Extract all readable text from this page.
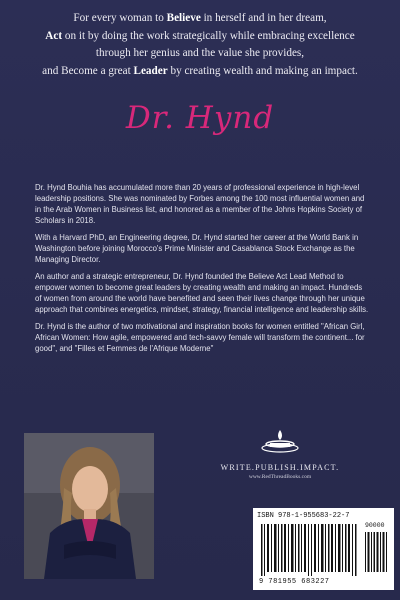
For every woman to Believe in herself and in her dream,
Act on it by doing the work strategically while embracing excellence
through her genius and the value she provides,
and Become a great Leader by creating wealth and making an impact.
Dr. Hynd

Dr. Hynd Bouhia has accumulated more than 20 years of professional experience in high-level leadership positions. She was nominated by Forbes among the 100 most influential women and in the Arab Women in Business list, and honored as a member of the Johns Hopkins Society of Scholars in 2018.

With a Harvard PhD, an Engineering degree, Dr. Hynd started her career at the World Bank in Washington before joining Morocco's Prime Minister and Casablanca Stock Exchange as the Managing Director.

An author and a strategic entrepreneur, Dr. Hynd founded the Believe Act Lead Method to empower women to become great leaders by creating wealth and making an impact. Hundreds of women from around the world have benefited and seen their lives change through her unique approach that combines energetics, mindset, strategy, financial intelligence and leadership skills.

Dr. Hynd is the author of two motivational and inspiration books for women entitled "African Girl, African Women: How agile, empowered and tech-savvy female will transform the continent... for good", and "Filles et Femmes de l'Afrique Moderne"

WRITE.PUBLISH.IMPACT.
www.RedThreadBooks.com
ISBN 978-1-955683-22-7
90000
9 781955 683227
